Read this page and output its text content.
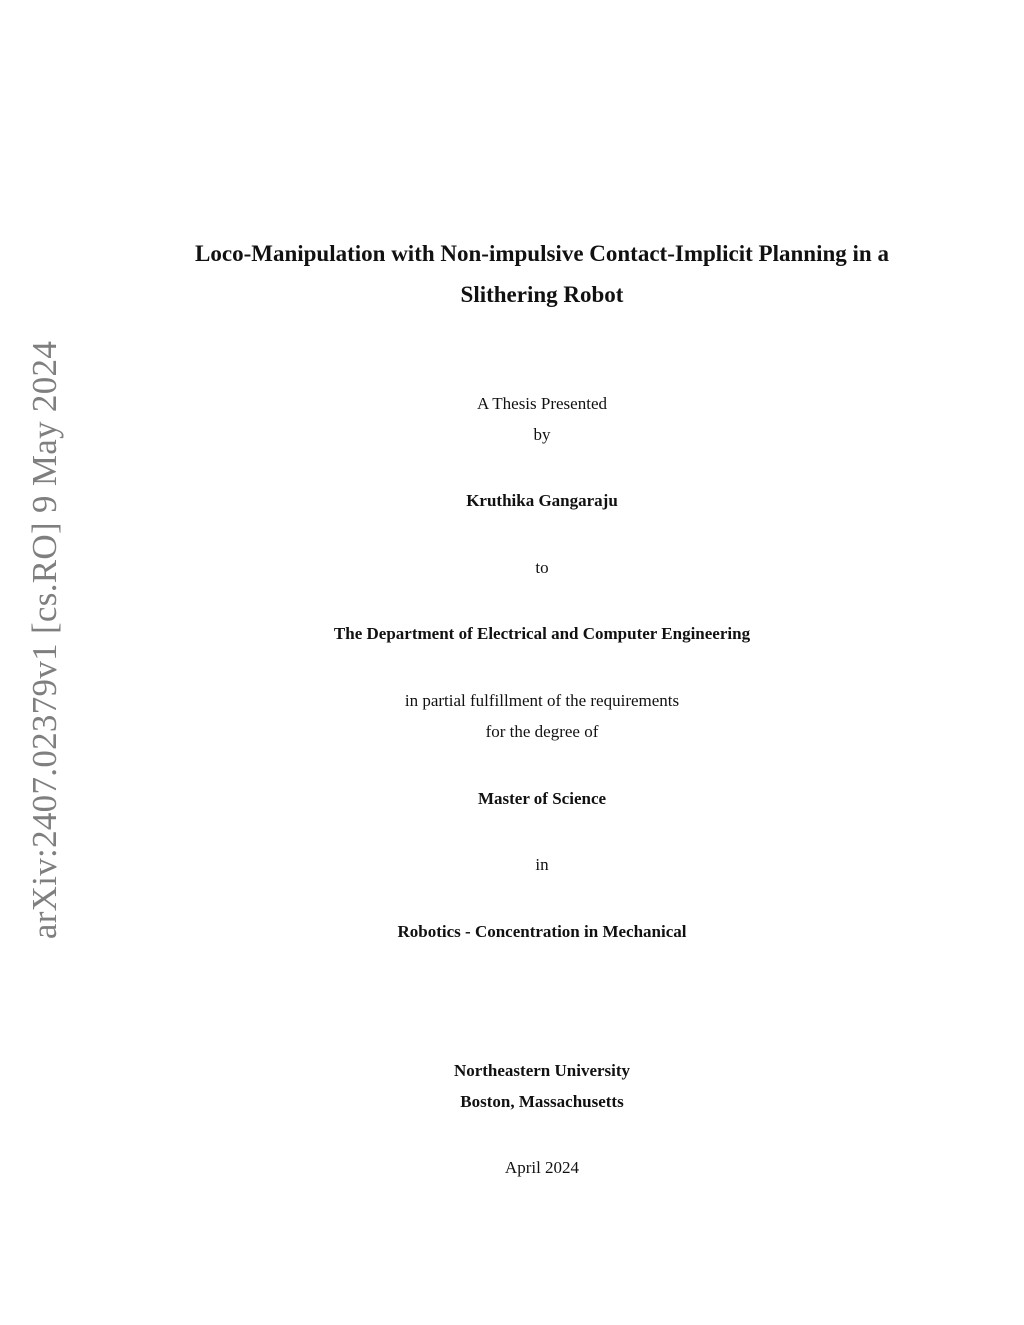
arXiv:2407.02379v1 [cs.RO] 9 May 2024
Loco-Manipulation with Non-impulsive Contact-Implicit Planning in a
Slithering Robot
A Thesis Presented
by
Kruthika Gangaraju
to
The Department of Electrical and Computer Engineering
in partial fulfillment of the requirements
for the degree of
Master of Science
in
Robotics - Concentration in Mechanical
Northeastern University
Boston, Massachusetts
April 2024
